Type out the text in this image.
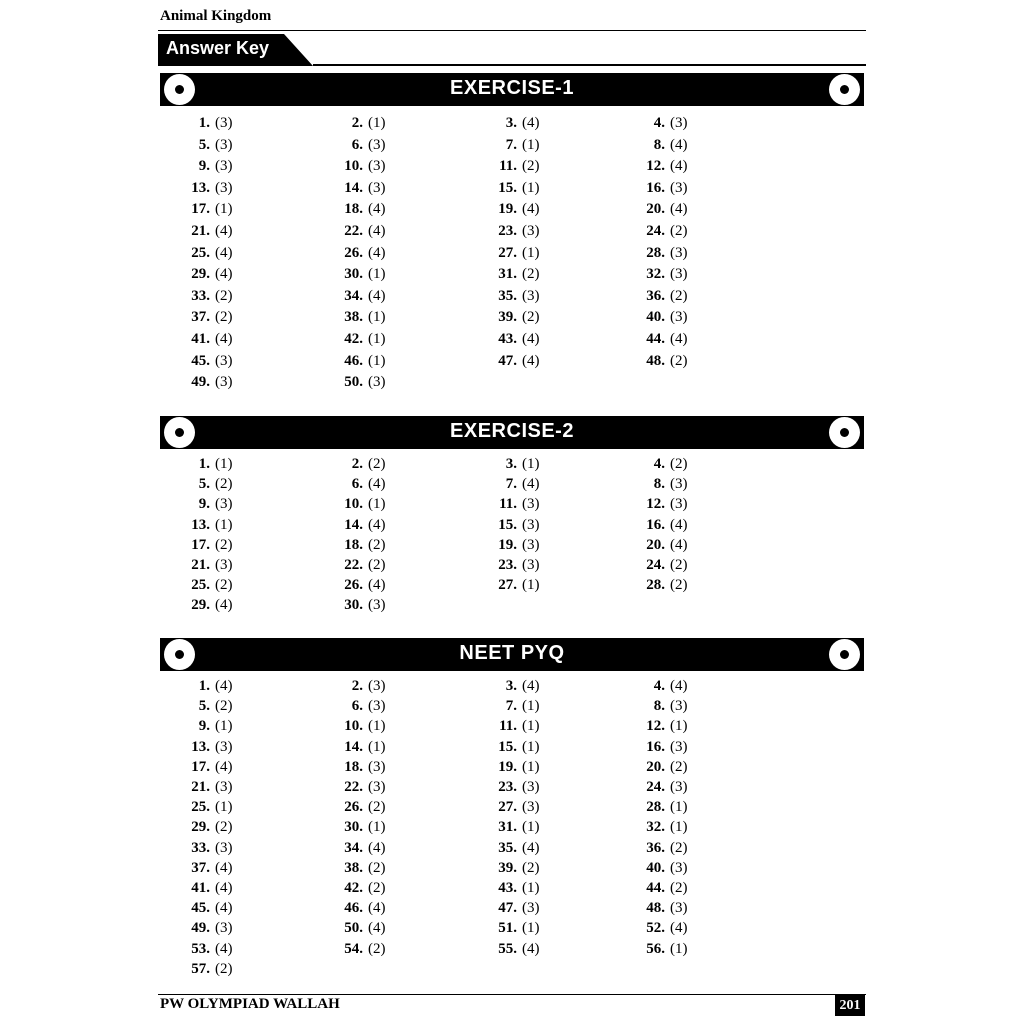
Animal Kingdom
Answer Key
EXERCISE-1
1. (3)	2. (1)	3. (4)	4. (3)
5. (3)	6. (3)	7. (1)	8. (4)
9. (3)	10. (3)	11. (2)	12. (4)
13. (3)	14. (3)	15. (1)	16. (3)
17. (1)	18. (4)	19. (4)	20. (4)
21. (4)	22. (4)	23. (3)	24. (2)
25. (4)	26. (4)	27. (1)	28. (3)
29. (4)	30. (1)	31. (2)	32. (3)
33. (2)	34. (4)	35. (3)	36. (2)
37. (2)	38. (1)	39. (2)	40. (3)
41. (4)	42. (1)	43. (4)	44. (4)
45. (3)	46. (1)	47. (4)	48. (2)
49. (3)	50. (3)
EXERCISE-2
1. (1)	2. (2)	3. (1)	4. (2)
5. (2)	6. (4)	7. (4)	8. (3)
9. (3)	10. (1)	11. (3)	12. (3)
13. (1)	14. (4)	15. (3)	16. (4)
17. (2)	18. (2)	19. (3)	20. (4)
21. (3)	22. (2)	23. (3)	24. (2)
25. (2)	26. (4)	27. (1)	28. (2)
29. (4)	30. (3)
NEET PYQ
1. (4)	2. (3)	3. (4)	4. (4)
5. (2)	6. (3)	7. (1)	8. (3)
9. (1)	10. (1)	11. (1)	12. (1)
13. (3)	14. (1)	15. (1)	16. (3)
17. (4)	18. (3)	19. (1)	20. (2)
21. (3)	22. (3)	23. (3)	24. (3)
25. (1)	26. (2)	27. (3)	28. (1)
29. (2)	30. (1)	31. (1)	32. (1)
33. (3)	34. (4)	35. (4)	36. (2)
37. (4)	38. (2)	39. (2)	40. (3)
41. (4)	42. (2)	43. (1)	44. (2)
45. (4)	46. (4)	47. (3)	48. (3)
49. (3)	50. (4)	51. (1)	52. (4)
53. (4)	54. (2)	55. (4)	56. (1)
57. (2)
PW OLYMPIAD WALLAH	201
